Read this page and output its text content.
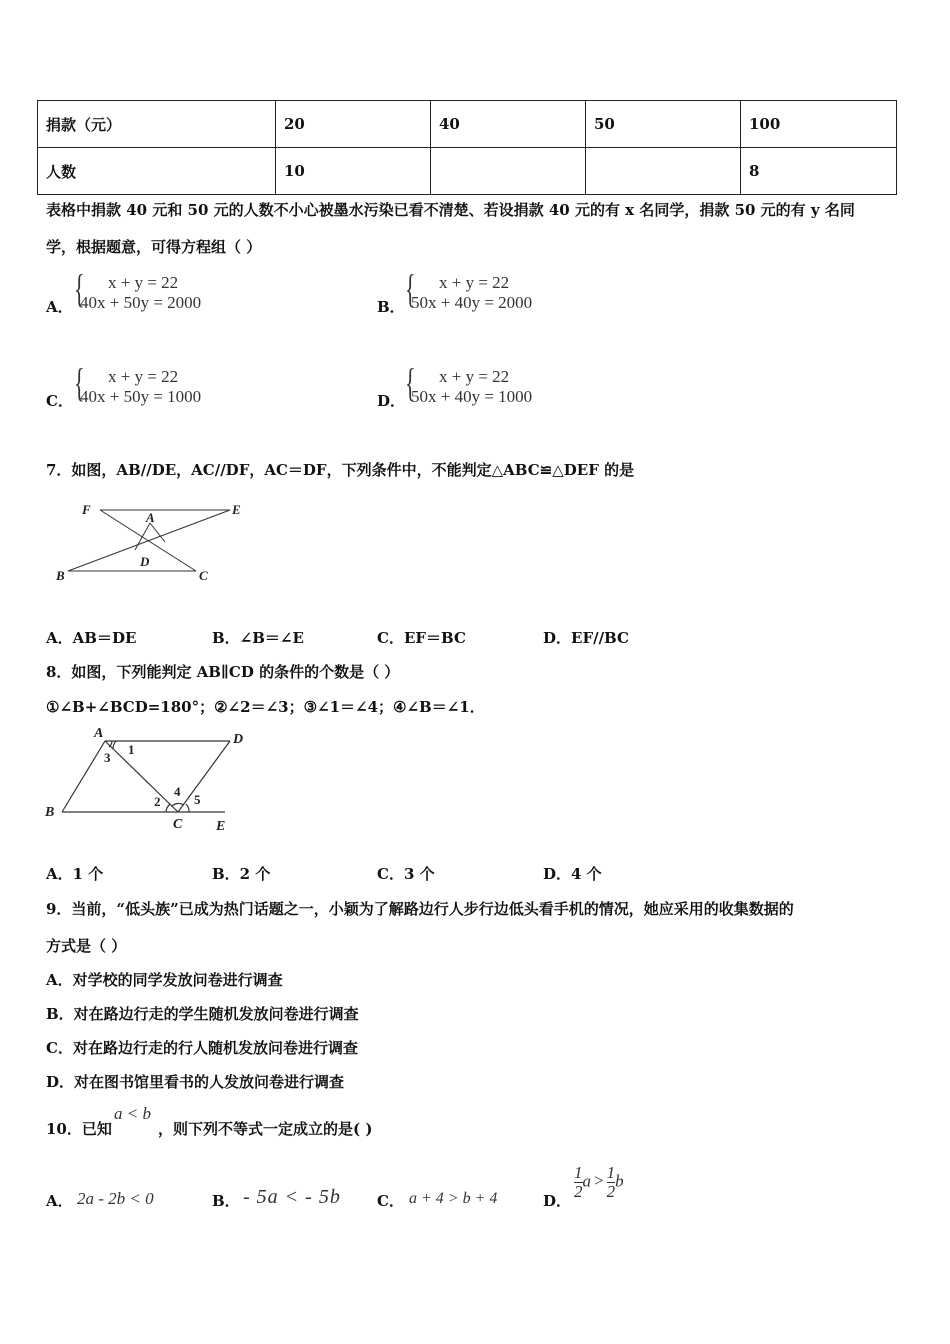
捐款（元）	20	40	50	100
人数	10			8
表格中捐款 40 元和 50 元的人数不小心被墨水污染已看不清楚、若设捐款 40 元的有 x 名同学，捐款 50 元的有 y 名同
学，根据题意，可得方程组（ ）
A． { x + y = 22
40x + 50y = 2000	B． { x + y = 22
50x + 40y = 2000
C． { x + y = 22
40x + 50y = 1000	D． { x + y = 22
50x + 40y = 1000
7．如图，AB//DE，AC//DF，AC＝DF，下列条件中，不能判定△ABC≌△DEF 的是
F
A
E
D
B	C
A．AB＝DE	B．∠B＝∠E	C．EF＝BC	D．EF//BC
8．如图，下列能判定 AB∥CD 的条件的个数是（ ）
①∠B+∠BCD=180°；②∠2＝∠3；③∠1＝∠4；④∠B＝∠1．
A	D
B
C E
1
3
2
4
5
A．1 个	B．2 个	C．3 个	D．4 个
9．当前，“低头族”已成为热门话题之一，小颖为了解路边行人步行边低头看手机的情况，她应采用的收集数据的
方式是（ ）
A．对学校的同学发放问卷进行调查
B．对在路边行走的学生随机发放问卷进行调查
C．对在路边行走的行人随机发放问卷进行调查
D．对在图书馆里看书的人发放问卷进行调查
10．已知
a < b
，则下列不等式一定成立的是( )
A． 2a - 2b < 0	B． - 5a < - 5b C． a + 4 > b + 4	D． $\frac{1}{2}$ $a > \frac{1}{2}$ b
